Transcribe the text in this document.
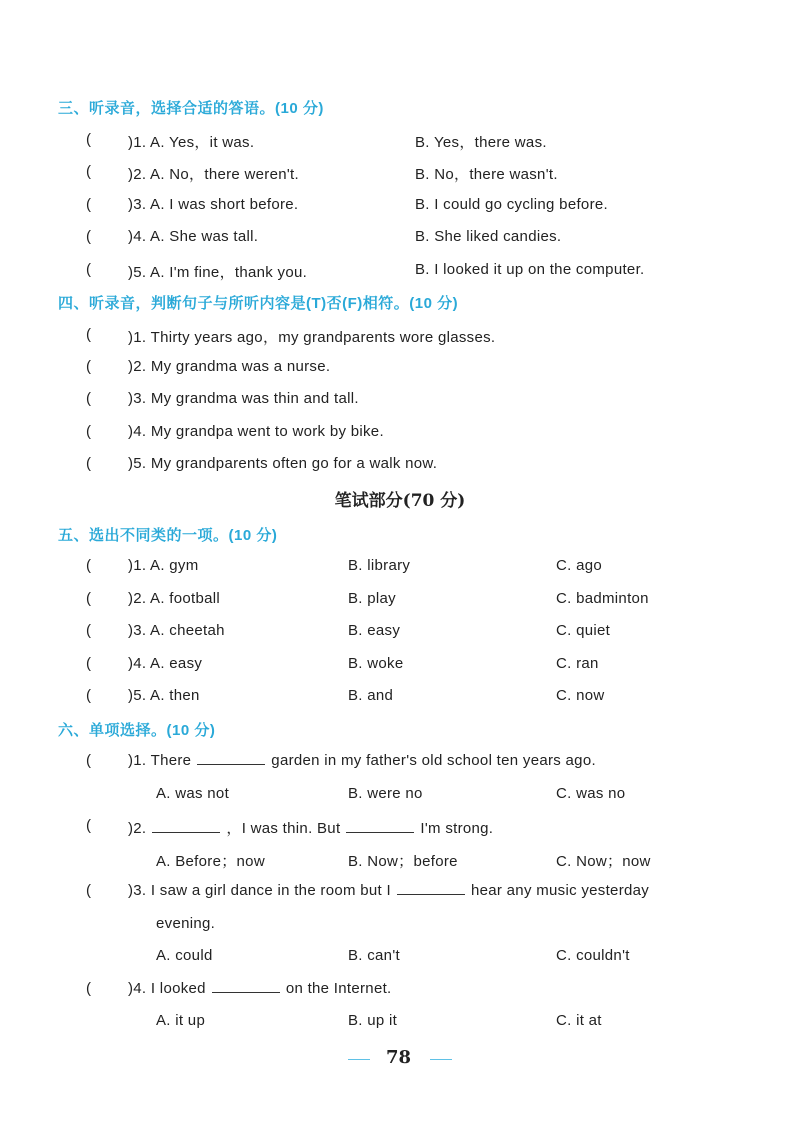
三、听录音，选择合适的答语。(10 分)
( )1. A. Yes，it was.	B. Yes，there was.
( )2. A. No，there weren't.	B. No，there wasn't.
( )3. A. I was short before.	B. I could go cycling before.
( )4. A. She was tall.	B. She liked candies.
( )5. A. I'm fine，thank you.	B. I looked it up on the computer.
四、听录音，判断句子与所听内容是(T)否(F)相符。(10 分)
( )1. Thirty years ago，my grandparents wore glasses.
( )2. My grandma was a nurse.
( )3. My grandma was thin and tall.
( )4. My grandpa went to work by bike.
( )5. My grandparents often go for a walk now.
笔试部分(70 分)
五、选出不同类的一项。(10 分)
( )1. A. gym	B. library	C. ago
( )2. A. football	B. play	C. badminton
( )3. A. cheetah	B. easy	C. quiet
( )4. A. easy	B. woke	C. ran
( )5. A. then	B. and	C. now
六、单项选择。(10 分)
( )1. There	garden in my father's old school ten years ago.
A. was not	B. were no	C. was no
( )2.	，I was thin. But	I'm strong.
A. Before；now	B. Now；before	C. Now；now
( )3. I saw a girl dance in the room but I	hear any music yesterday
evening.
A. could	B. can't	C. couldn't
( )4. I looked	on the Internet.
A. it up	B. up it	C. it at
78
